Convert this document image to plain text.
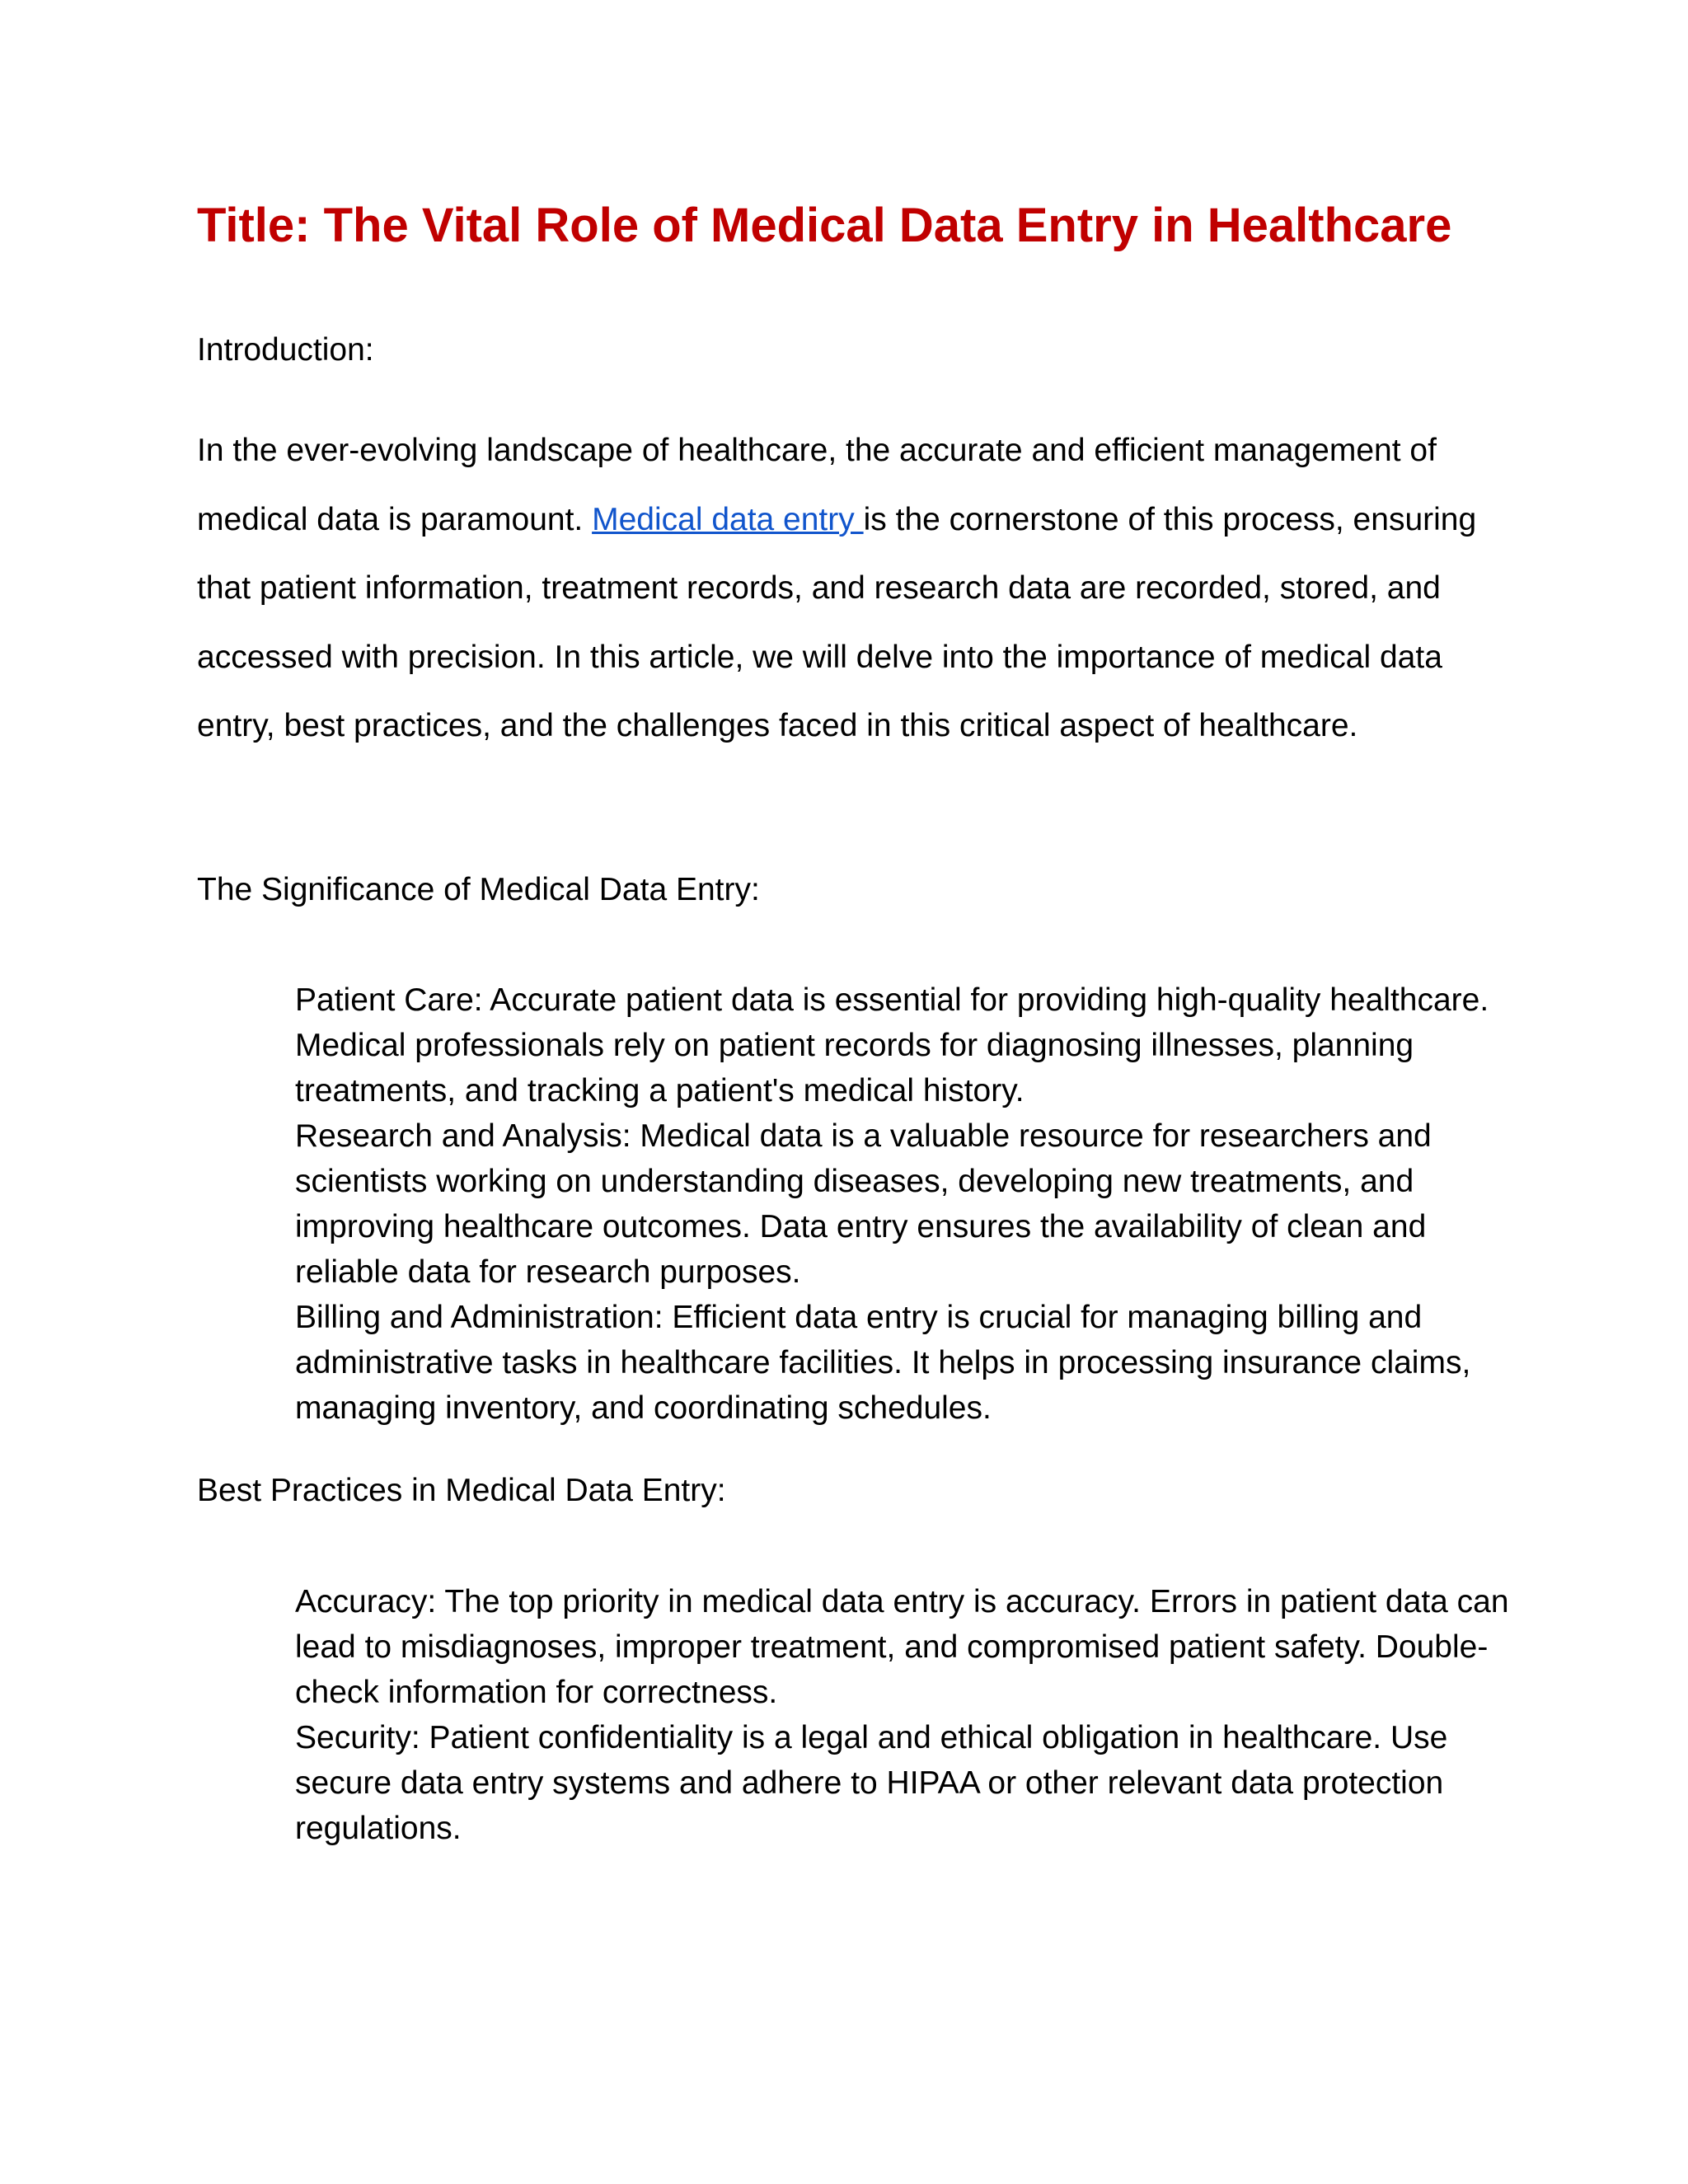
Title: The Vital Role of Medical Data Entry in Healthcare

Introduction:

In the ever-evolving landscape of healthcare, the accurate and efficient management of medical data is paramount. Medical data entry is the cornerstone of this process, ensuring that patient information, treatment records, and research data are recorded, stored, and accessed with precision. In this article, we will delve into the importance of medical data entry, best practices, and the challenges faced in this critical aspect of healthcare.

The Significance of Medical Data Entry:

Patient Care: Accurate patient data is essential for providing high-quality healthcare. Medical professionals rely on patient records for diagnosing illnesses, planning treatments, and tracking a patient's medical history.
Research and Analysis: Medical data is a valuable resource for researchers and scientists working on understanding diseases, developing new treatments, and improving healthcare outcomes. Data entry ensures the availability of clean and reliable data for research purposes.
Billing and Administration: Efficient data entry is crucial for managing billing and administrative tasks in healthcare facilities. It helps in processing insurance claims, managing inventory, and coordinating schedules.

Best Practices in Medical Data Entry:

Accuracy: The top priority in medical data entry is accuracy. Errors in patient data can lead to misdiagnoses, improper treatment, and compromised patient safety. Double-check information for correctness.
Security: Patient confidentiality is a legal and ethical obligation in healthcare. Use secure data entry systems and adhere to HIPAA or other relevant data protection regulations.
